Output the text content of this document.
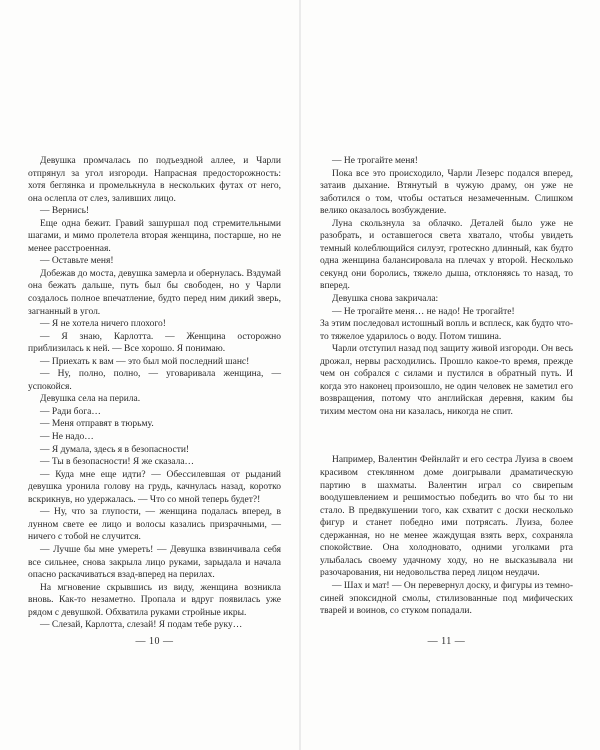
Девушка промчалась по подъездной аллее, и Чарли отпрянул за угол изгороди. Напрасная предосторожность: хотя беглянка и промелькнула в нескольких футах от него, она ослепла от слез, заливших лицо.

— Вернись!

Еще одна бежит. Гравий зашуршал под стремительными шагами, и мимо пролетела вторая женщина, постарше, но не менее расстроенная.

— Оставьте меня!

Добежав до моста, девушка замерла и обернулась. Вздумай она бежать дальше, путь был бы свободен, но у Чарли создалось полное впечатление, будто перед ним дикий зверь, загнанный в угол.

— Я не хотела ничего плохого!

— Я знаю, Карлотта. — Женщина осторожно приблизилась к ней. — Все хорошо. Я понимаю.

— Приехать к вам — это был мой последний шанс!

— Ну, полно, полно, — уговаривала женщина, — успокойся.

Девушка села на перила.

— Ради бога…

— Меня отправят в тюрьму.

— Не надо…

— Я думала, здесь я в безопасности!

— Ты в безопасности! Я же сказала…

— Куда мне еще идти? — Обессилевшая от рыданий девушка уронила голову на грудь, качнулась назад, коротко вскрикнув, но удержалась. — Что со мной теперь будет?!

— Ну, что за глупости, — женщина подалась вперед, в лунном свете ее лицо и волосы казались призрачными, — ничего с тобой не случится.

— Лучше бы мне умереть! — Девушка взвинчивала себя все сильнее, снова закрыла лицо руками, зарыдала и начала опасно раскачиваться взад-вперед на перилах.

На мгновение скрывшись из виду, женщина возникла вновь. Как-то незаметно. Пропала и вдруг появилась уже рядом с девушкой. Обхватила руками стройные икры.

— Слезай, Карлотта, слезай! Я подам тебе руку…

— Не трогайте меня!

Пока все это происходило, Чарли Лезерс подался вперед, затаив дыхание. Втянутый в чужую драму, он уже не заботился о том, чтобы остаться незамеченным. Слишком велико оказалось возбуждение.

Луна скользнула за облачко. Деталей было уже не разобрать, и оставшегося света хватало, чтобы увидеть темный колеблющийся силуэт, гротескно длинный, как будто одна женщина балансировала на плечах у второй. Несколько секунд они боролись, тяжело дыша, отклоняясь то назад, то вперед.

Девушка снова закричала:

— Не трогайте меня… не надо! Не трогайте!

За этим последовал истошный вопль и всплеск, как будто что-то тяжелое ударилось о воду. Потом тишина.

Чарли отступил назад под защиту живой изгороди. Он весь дрожал, нервы расходились. Прошло какое-то время, прежде чем он собрался с силами и пустился в обратный путь. И когда это наконец произошло, не один человек не заметил его возвращения, потому что английская деревня, каким бы тихим местом она ни казалась, никогда не спит.

Например, Валентин Фейнлайт и его сестра Луиза в своем красивом стеклянном доме доигрывали драматическую партию в шахматы. Валентин играл со свирепым воодушевлением и решимостью победить во что бы то ни стало. В предвкушении того, как схватит с доски несколько фигур и станет победно ими потрясать. Луиза, более сдержанная, но не менее жаждущая взять верх, сохраняла спокойствие. Она холодновато, одними уголками рта улыбалась своему удачному ходу, но не высказывала ни разочарования, ни недовольства перед лицом неудачи.

— Шах и мат! — Он перевернул доску, и фигуры из темно-синей эпоксидной смолы, стилизованные под мифических тварей и воинов, со стуком попадали.

— 10 —	— 11 —
